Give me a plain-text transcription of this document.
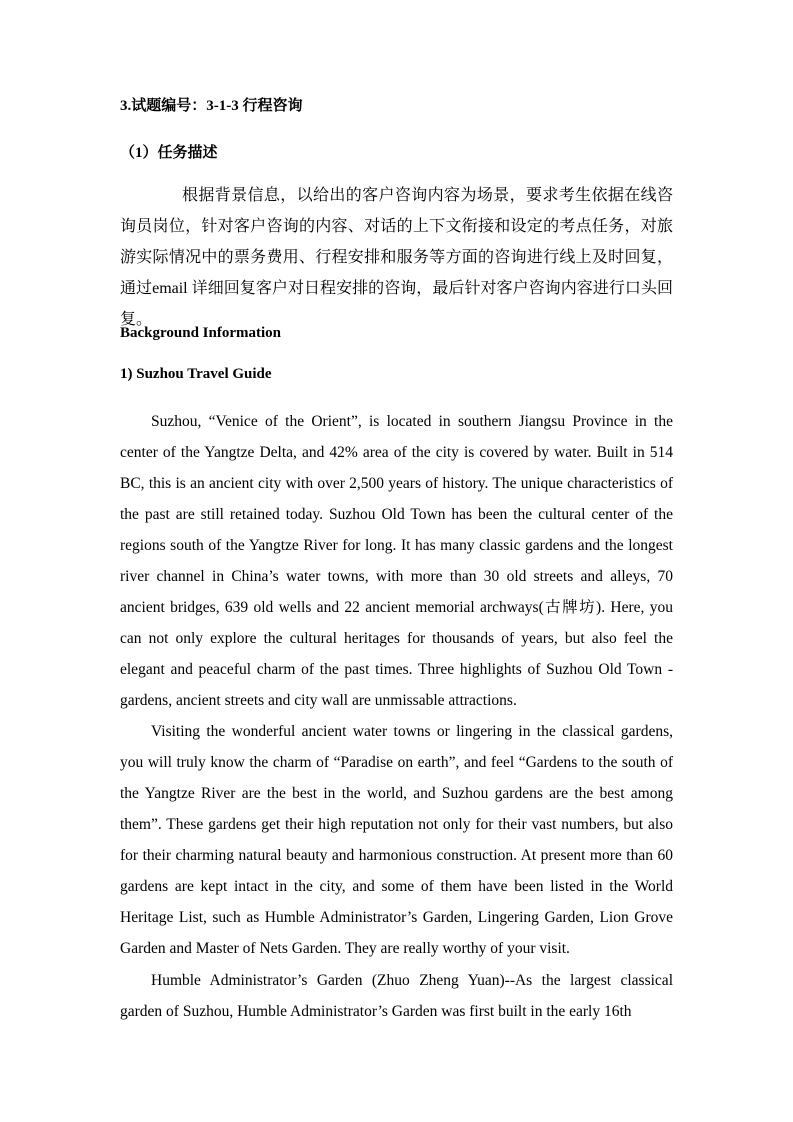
3.试题编号：3-1-3 行程咨询
（1）任务描述

根据背景信息，以给出的客户咨询内容为场景，要求考生依据在线咨询员岗位，针对客户咨询的内容、对话的上下文衔接和设定的考点任务，对旅游实际情况中的票务费用、行程安排和服务等方面的咨询进行线上及时回复，通过email 详细回复客户对日程安排的咨询，最后针对客户咨询内容进行口头回复。

Background Information
1) Suzhou Travel Guide

Suzhou, “Venice of the Orient”, is located in southern Jiangsu Province in the center of the Yangtze Delta, and 42% area of the city is covered by water. Built in 514 BC, this is an ancient city with over 2,500 years of history. The unique characteristics of the past are still retained today. Suzhou Old Town has been the cultural center of the regions south of the Yangtze River for long. It has many classic gardens and the longest river channel in China’s water towns, with more than 30 old streets and alleys, 70 ancient bridges, 639 old wells and 22 ancient memorial archways(古牌坊). Here, you can not only explore the cultural heritages for thousands of years, but also feel the elegant and peaceful charm of the past times. Three highlights of Suzhou Old Town - gardens, ancient streets and city wall are unmissable attractions.

Visiting the wonderful ancient water towns or lingering in the classical gardens, you will truly know the charm of “Paradise on earth”, and feel “Gardens to the south of the Yangtze River are the best in the world, and Suzhou gardens are the best among them”. These gardens get their high reputation not only for their vast numbers, but also for their charming natural beauty and harmonious construction. At present more than 60 gardens are kept intact in the city, and some of them have been listed in the World Heritage List, such as Humble Administrator’s Garden, Lingering Garden, Lion Grove Garden and Master of Nets Garden. They are really worthy of your visit.

Humble Administrator’s Garden (Zhuo Zheng Yuan)--As the largest classical garden of Suzhou, Humble Administrator’s Garden was first built in the early 16th
